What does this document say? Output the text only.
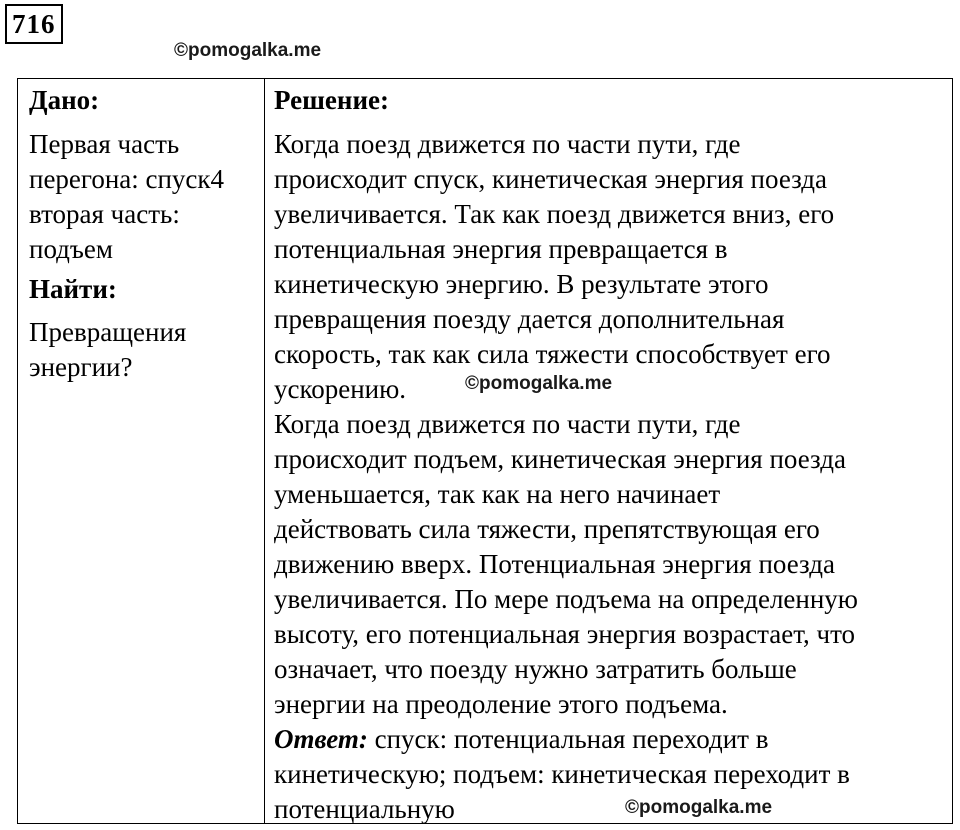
716
©pomogalka.me

Дано:

Первая часть
перегона: спуск4
вторая часть:
подъем

Найти:

Превращения
энергии?

Решение:

Когда поезд движется по части пути, где
происходит спуск, кинетическая энергия поезда
увеличивается. Так как поезд движется вниз, его
потенциальная энергия превращается в
кинетическую энергию. В результате этого
превращения поезду дается дополнительная
скорость, так как сила тяжести способствует его
ускорению.
Когда поезд движется по части пути, где
происходит подъем, кинетическая энергия поезда
уменьшается, так как на него начинает
действовать сила тяжести, препятствующая его
движению вверх. Потенциальная энергия поезда
увеличивается. По мере подъема на определенную
высоту, его потенциальная энергия возрастает, что
означает, что поезду нужно затратить больше
энергии на преодоление этого подъема.
Ответ: спуск: потенциальная переходит в
кинетическую; подъем: кинетическая переходит в
потенциальную
©pomogalka.me
©pomogalka.me
